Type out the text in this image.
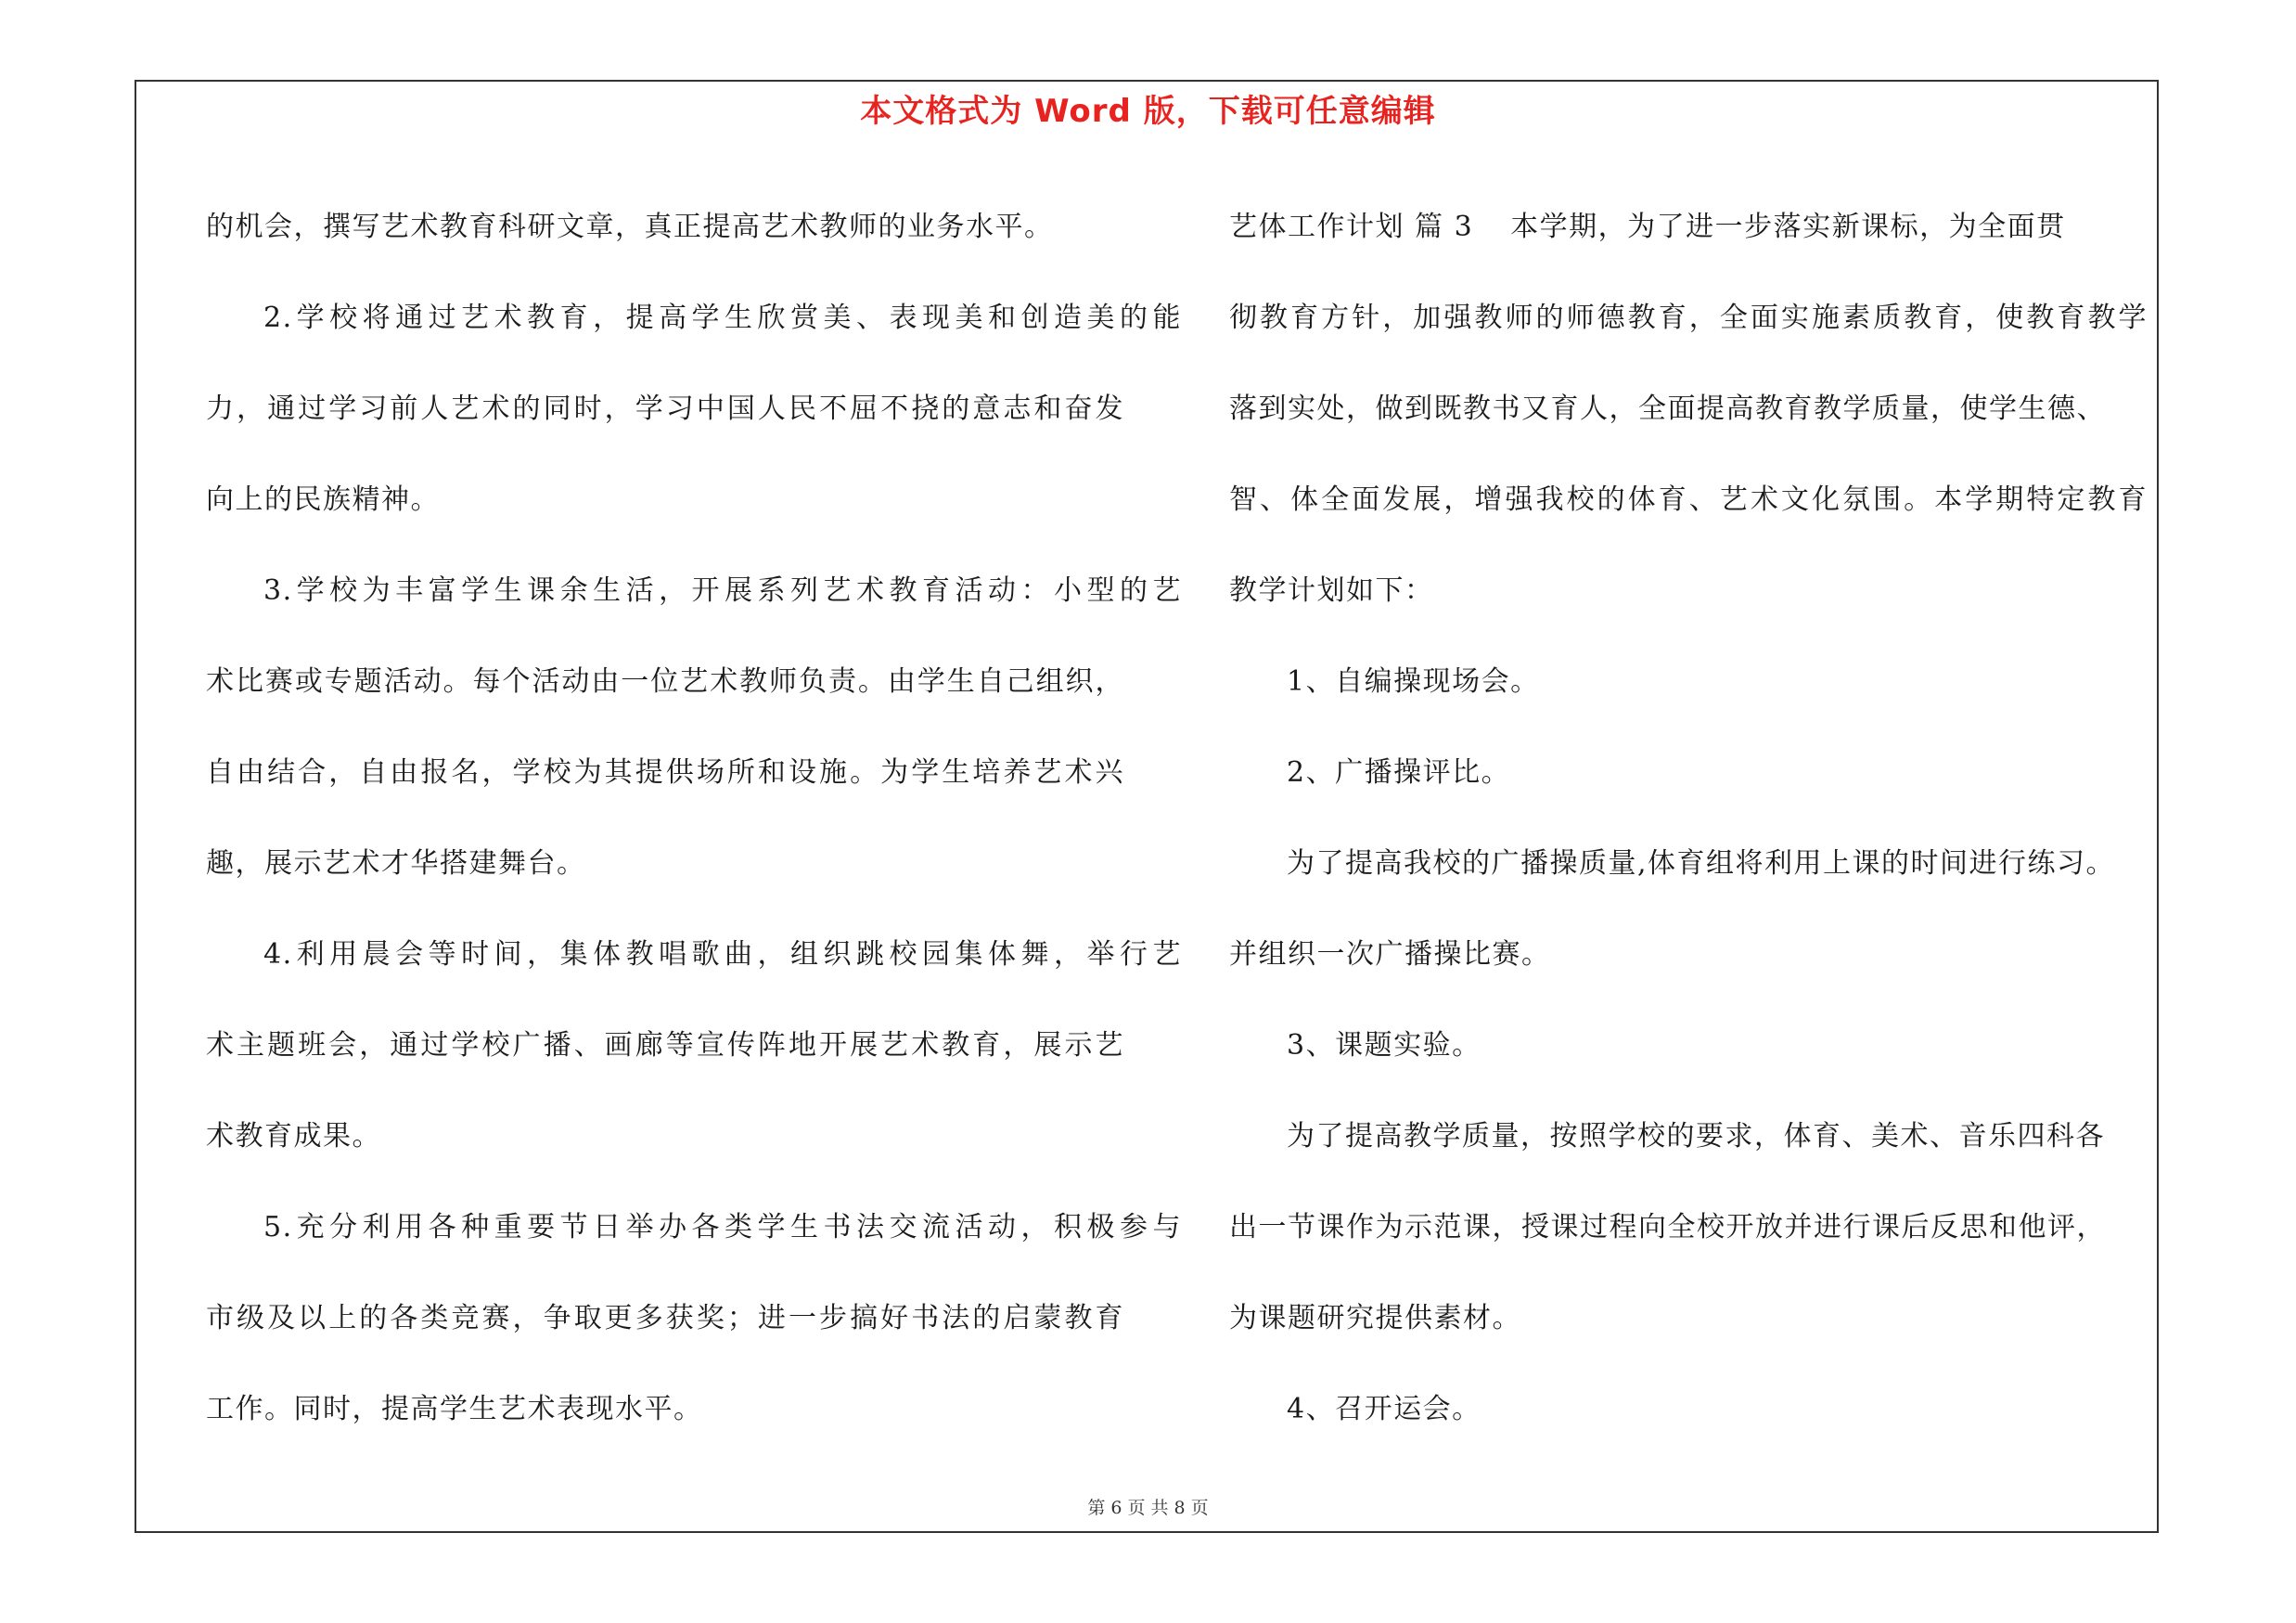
本文格式为 Word 版，下载可任意编辑
的机会，撰写艺术教育科研文章，真正提高艺术教师的业务水平。
2.学校将通过艺术教育，提高学生欣赏美、表现美和创造美的能
力，通过学习前人艺术的同时，学习中国人民不屈不挠的意志和奋发
向上的民族精神。
3.学校为丰富学生课余生活，开展系列艺术教育活动：小型的艺
术比赛或专题活动。每个活动由一位艺术教师负责。由学生自己组织，
自由结合，自由报名，学校为其提供场所和设施。为学生培养艺术兴
趣，展示艺术才华搭建舞台。
4.利用晨会等时间，集体教唱歌曲，组织跳校园集体舞，举行艺
术主题班会，通过学校广播、画廊等宣传阵地开展艺术教育，展示艺
术教育成果。
5.充分利用各种重要节日举办各类学生书法交流活动，积极参与
市级及以上的各类竞赛，争取更多获奖；进一步搞好书法的启蒙教育
工作。同时，提高学生艺术表现水平。
艺体工作计划 篇 3 本学期，为了进一步落实新课标，为全面贯
彻教育方针，加强教师的师德教育，全面实施素质教育，使教育教学
落到实处，做到既教书又育人，全面提高教育教学质量，使学生德、
智、体全面发展，增强我校的体育、艺术文化氛围。本学期特定教育
教学计划如下：
1、自编操现场会。
2、广播操评比。
为了提高我校的广播操质量,体育组将利用上课的时间进行练习。
并组织一次广播操比赛。
3、课题实验。
为了提高教学质量，按照学校的要求，体育、美术、音乐四科各
出一节课作为示范课，授课过程向全校开放并进行课后反思和他评，
为课题研究提供素材。
4、召开运会。
第 6 页 共 8 页
